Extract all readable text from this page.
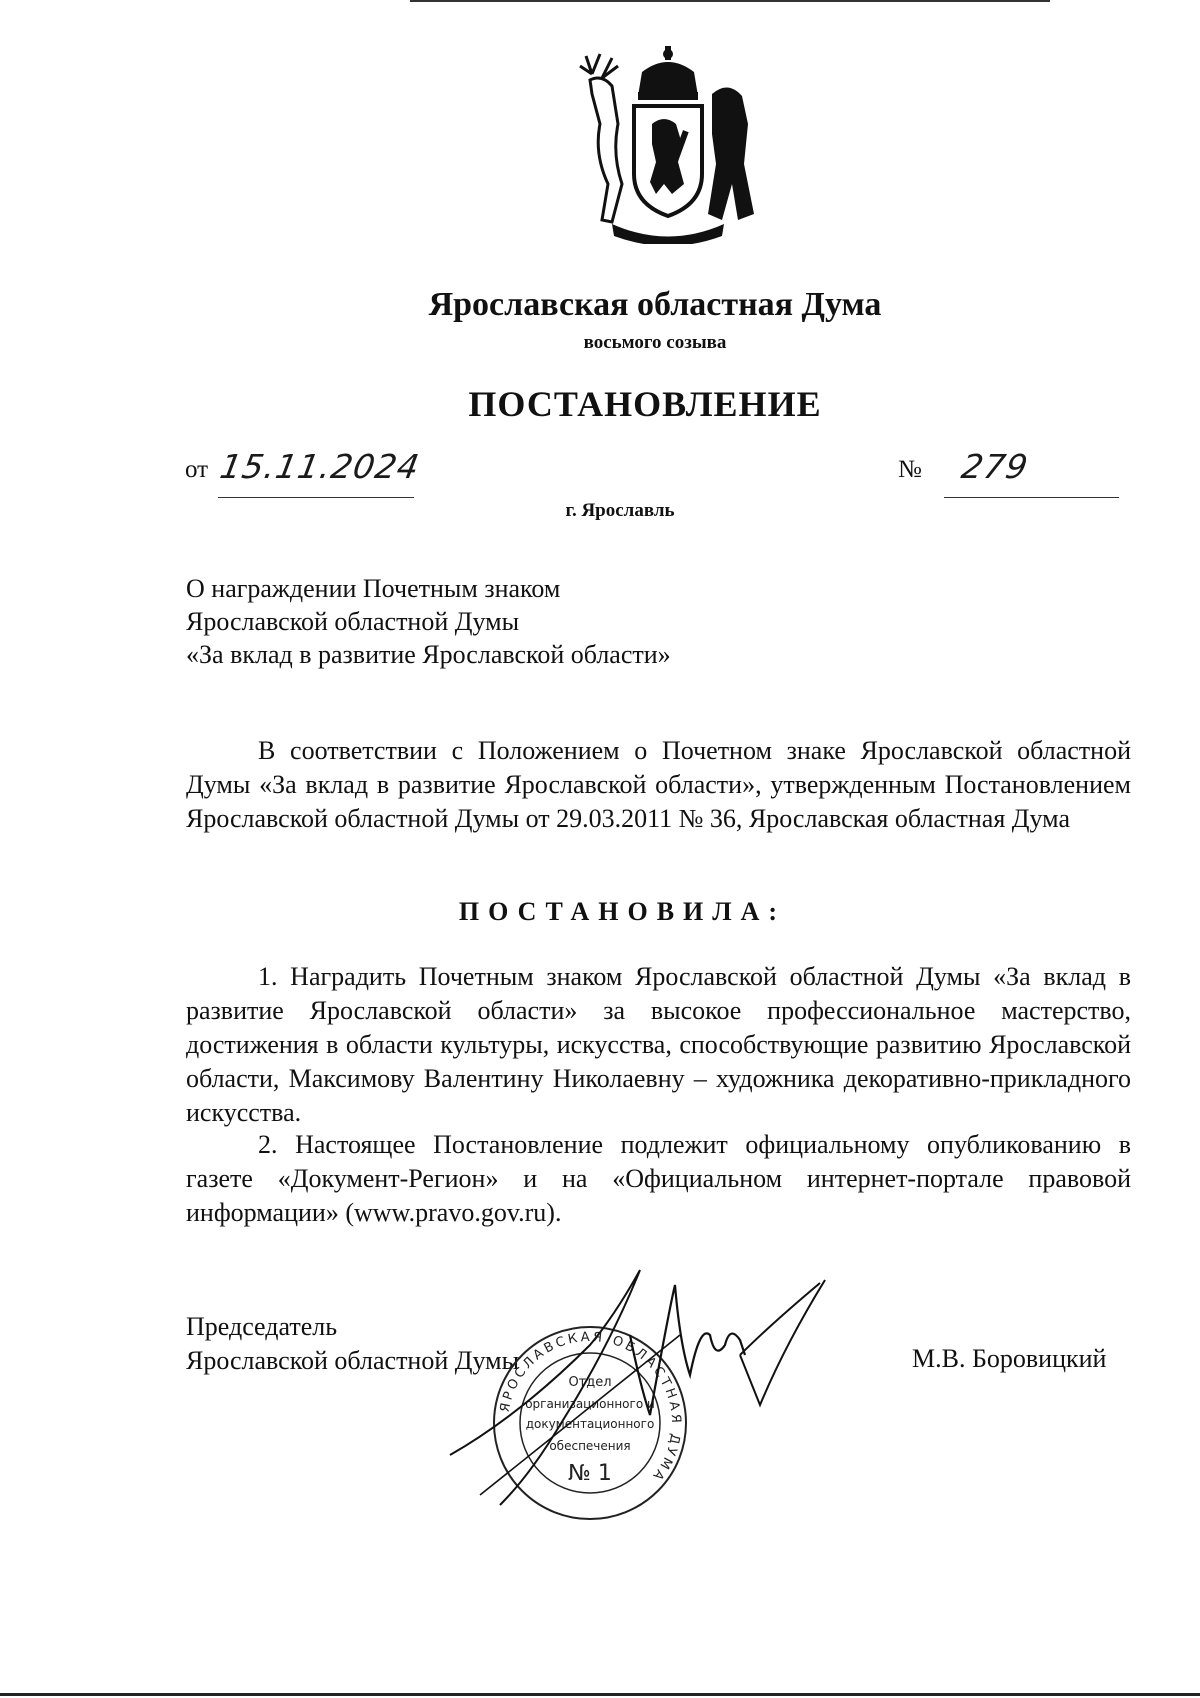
Ярославская областная Дума
восьмого созыва
ПОСТАНОВЛЕНИЕ
от 15.11.2024	№	279
г. Ярославль
О награждении Почетным знаком
Ярославской областной Думы
«За вклад в развитие Ярославской области»
В соответствии с Положением о Почетном знаке Ярославской областной Думы «За вклад в развитие Ярославской области», утвержденным Постановлением Ярославской областной Думы от 29.03.2011 № 36, Ярославская областная Дума
ПОСТАНОВИЛА:
1. Наградить Почетным знаком Ярославской областной Думы «За вклад в развитие Ярославской области» за высокое профессиональное мастерство, достижения в области культуры, искусства, способствующие развитию Ярославской области, Максимову Валентину Николаевну – художника декоративно-прикладного искусства.
2. Настоящее Постановление подлежит официальному опубликованию в газете «Документ-Регион» и на «Официальном интернет-портале правовой информации» (www.pravo.gov.ru).
Председатель
Ярославской областной Думы	М.В. Боровицкий
ЯРОСЛАВСКАЯ ОБЛАСТНАЯ ДУМА
Отдел
организационного и
документационного
обеспечения
№ 1
